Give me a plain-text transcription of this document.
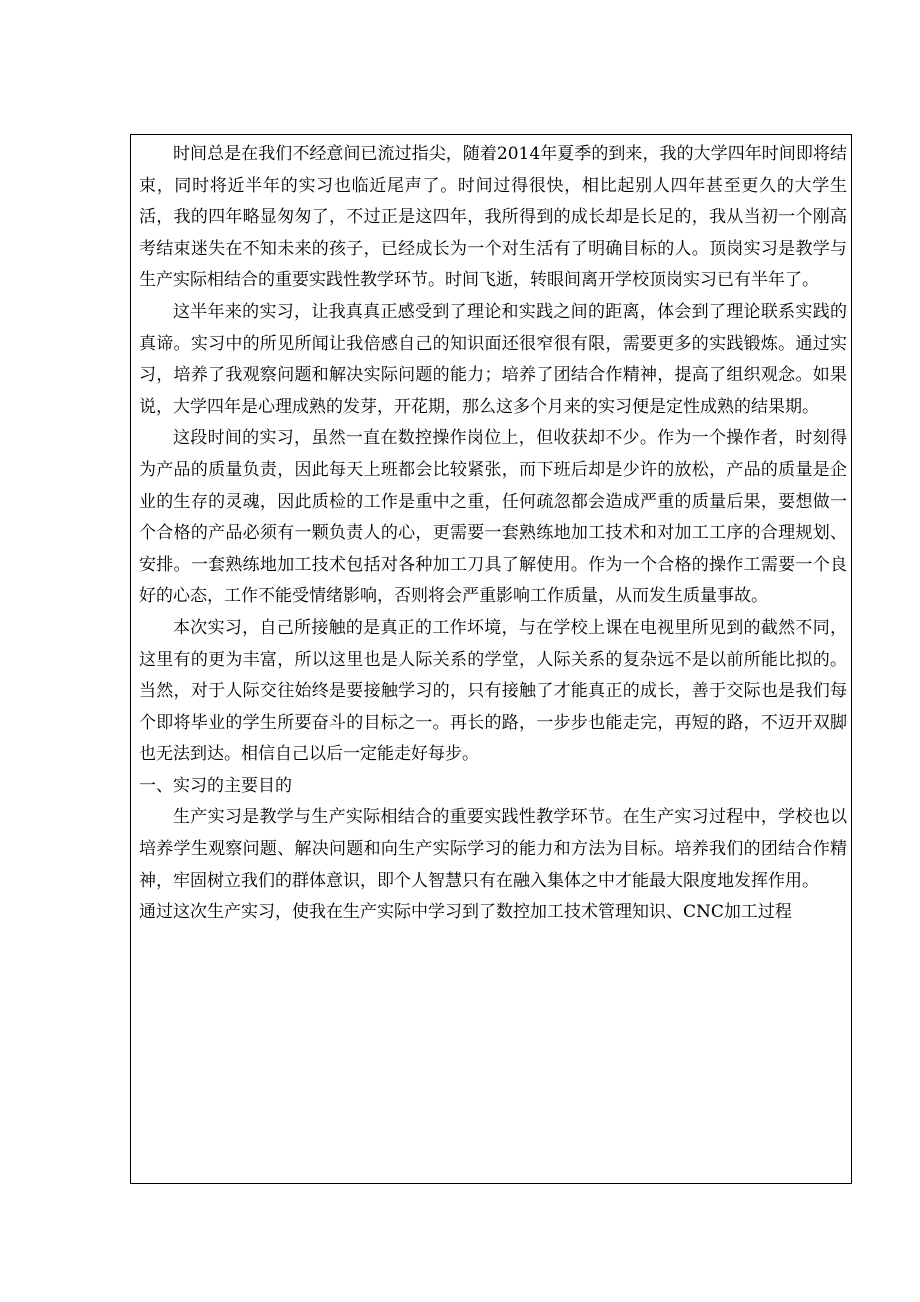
时间总是在我们不经意间已流过指尖，随着2014年夏季的到来，我的大学四年时间即将结束，同时将近半年的实习也临近尾声了。时间过得很快，相比起别人四年甚至更久的大学生活，我的四年略显匆匆了，不过正是这四年，我所得到的成长却是长足的，我从当初一个刚高考结束迷失在不知未来的孩子，已经成长为一个对生活有了明确目标的人。顶岗实习是教学与生产实际相结合的重要实践性教学环节。时间飞逝，转眼间离开学校顶岗实习已有半年了。

这半年来的实习，让我真真正感受到了理论和实践之间的距离，体会到了理论联系实践的真谛。实习中的所见所闻让我倍感自己的知识面还很窄很有限，需要更多的实践锻炼。通过实习，培养了我观察问题和解决实际问题的能力；培养了团结合作精神，提高了组织观念。如果说，大学四年是心理成熟的发芽，开花期，那么这多个月来的实习便是定性成熟的结果期。

这段时间的实习，虽然一直在数控操作岗位上，但收获却不少。作为一个操作者，时刻得为产品的质量负责，因此每天上班都会比较紧张，而下班后却是少许的放松，产品的质量是企业的生存的灵魂，因此质检的工作是重中之重，任何疏忽都会造成严重的质量后果，要想做一个合格的产品必须有一颗负责人的心，更需要一套熟练地加工技术和对加工工序的合理规划、安排。一套熟练地加工技术包括对各种加工刀具了解使用。作为一个合格的操作工需要一个良好的心态，工作不能受情绪影响，否则将会严重影响工作质量，从而发生质量事故。

本次实习，自己所接触的是真正的工作坏境，与在学校上课在电视里所见到的截然不同，这里有的更为丰富，所以这里也是人际关系的学堂，人际关系的复杂远不是以前所能比拟的。当然，对于人际交往始终是要接触学习的，只有接触了才能真正的成长，善于交际也是我们每个即将毕业的学生所要奋斗的目标之一。再长的路，一步步也能走完，再短的路，不迈开双脚也无法到达。相信自己以后一定能走好每步。

一、实习的主要目的

生产实习是教学与生产实际相结合的重要实践性教学环节。在生产实习过程中，学校也以培养学生观察问题、解决问题和向生产实际学习的能力和方法为目标。培养我们的团结合作精神，牢固树立我们的群体意识，即个人智慧只有在融入集体之中才能最大限度地发挥作用。

通过这次生产实习，使我在生产实际中学习到了数控加工技术管理知识、CNC加工过程
